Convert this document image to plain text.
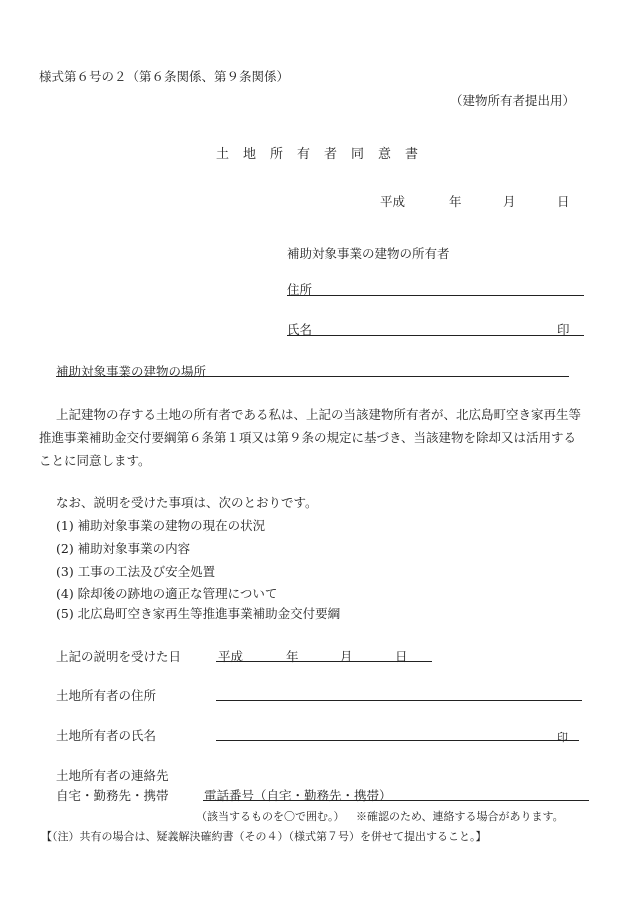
様式第６号の２（第６条関係、第９条関係）
（建物所有者提出用）
土地所有者同意書
平成	年	月	日
補助対象事業の建物の所有者
住所
氏名	印
補助対象事業の建物の場所
上記建物の存する土地の所有者である私は、上記の当該建物所有者が、北広島町空き家再生等推進事業補助金交付要綱第６条第１項又は第９条の規定に基づき、当該建物を除却又は活用することに同意します。
なお、説明を受けた事項は、次のとおりです。
(1) 補助対象事業の建物の現在の状況
(2) 補助対象事業の内容
(3) 工事の工法及び安全処置
(4) 除却後の跡地の適正な管理について
(5) 北広島町空き家再生等推進事業補助金交付要綱
上記の説明を受けた日	平成	年	月	日
土地所有者の住所
土地所有者の氏名	印
土地所有者の連絡先
自宅・勤務先・携帯	電話番号（自宅・勤務先・携帯）
（該当するものを〇で囲む。） ※確認のため、連絡する場合があります。
【（注）共有の場合は、疑義解決確約書（その４）（様式第７号）を併せて提出すること。】
